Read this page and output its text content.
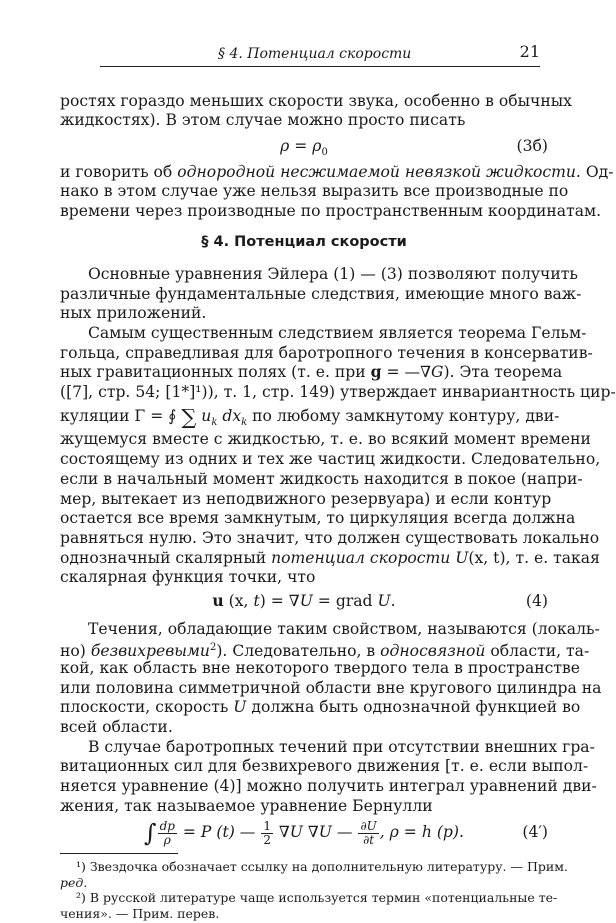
§ 4. Потенциал скорости	21
ростях гораздо меньших скорости звука, особенно в обычных
жидкостях). В этом случае можно просто писать
$\rho = \rho_0$	(3б)
и говорить об однородной несжимаемой невязкой жидкости. Од-
нако в этом случае уже нельзя выразить все производные по
времени через производные по пространственным координатам.
§ 4. Потенциал скорости
Основные уравнения Эйлера (1) — (3) позволяют получить
различные фундаментальные следствия, имеющие много важ-
ных приложений.
Самым существенным следствием является теорема Гельм-
гольца, справедливая для баротропного течения в консерватив-
ных гравитационных полях (т. е. при g = —∇G). Эта теорема
([7], стр. 54; [1*]¹)), т. 1, стр. 149) утверждает инвариантность цир-
куляции Γ = ∮ ∑ $u_k$ $dx_k$ по любому замкнутому контуру, дви-
жущемуся вместе с жидкостью, т. е. во всякий момент времени
состоящему из одних и тех же частиц жидкости. Следовательно,
если в начальный момент жидкость находится в покое (напри-
мер, вытекает из неподвижного резервуара) и если контур
остается все время замкнутым, то циркуляция всегда должна
равняться нулю. Это значит, что должен существовать локально
однозначный скалярный потенциал скорости U(x, t), т. е. такая
скалярная функция точки, что
u (x, t) = ∇U = grad U.	(4)
Течения, обладающие таким свойством, называются (локаль-
но) безвихревыми$^2$). Следовательно, в односвязной области, та-
кой, как область вне некоторого твердого тела в пространстве
или половина симметричной области вне кругового цилиндра на
плоскости, скорость U должна быть однозначной функцией во
всей области.
В случае баротропных течений при отсутствии внешних гра-
витационных сил для безвихревого движения [т. е. если выпол-
няется уравнение (4)] можно получить интеграл уравнений дви-
жения, так называемое уравнение Бернулли
∫ $\frac{dp}{\rho} = P$ (t) — $\frac{1}{2} \nabla U$ ∇U — $\frac{\partial U}{\partial t}$ , ρ = h (p).	(4′)
¹) Звездочка обозначает ссылку на дополнительную литературу. — Прим.
ред.
²) В русской литературе чаще используется термин «потенциальные те-
чения». — Прим. перев.
